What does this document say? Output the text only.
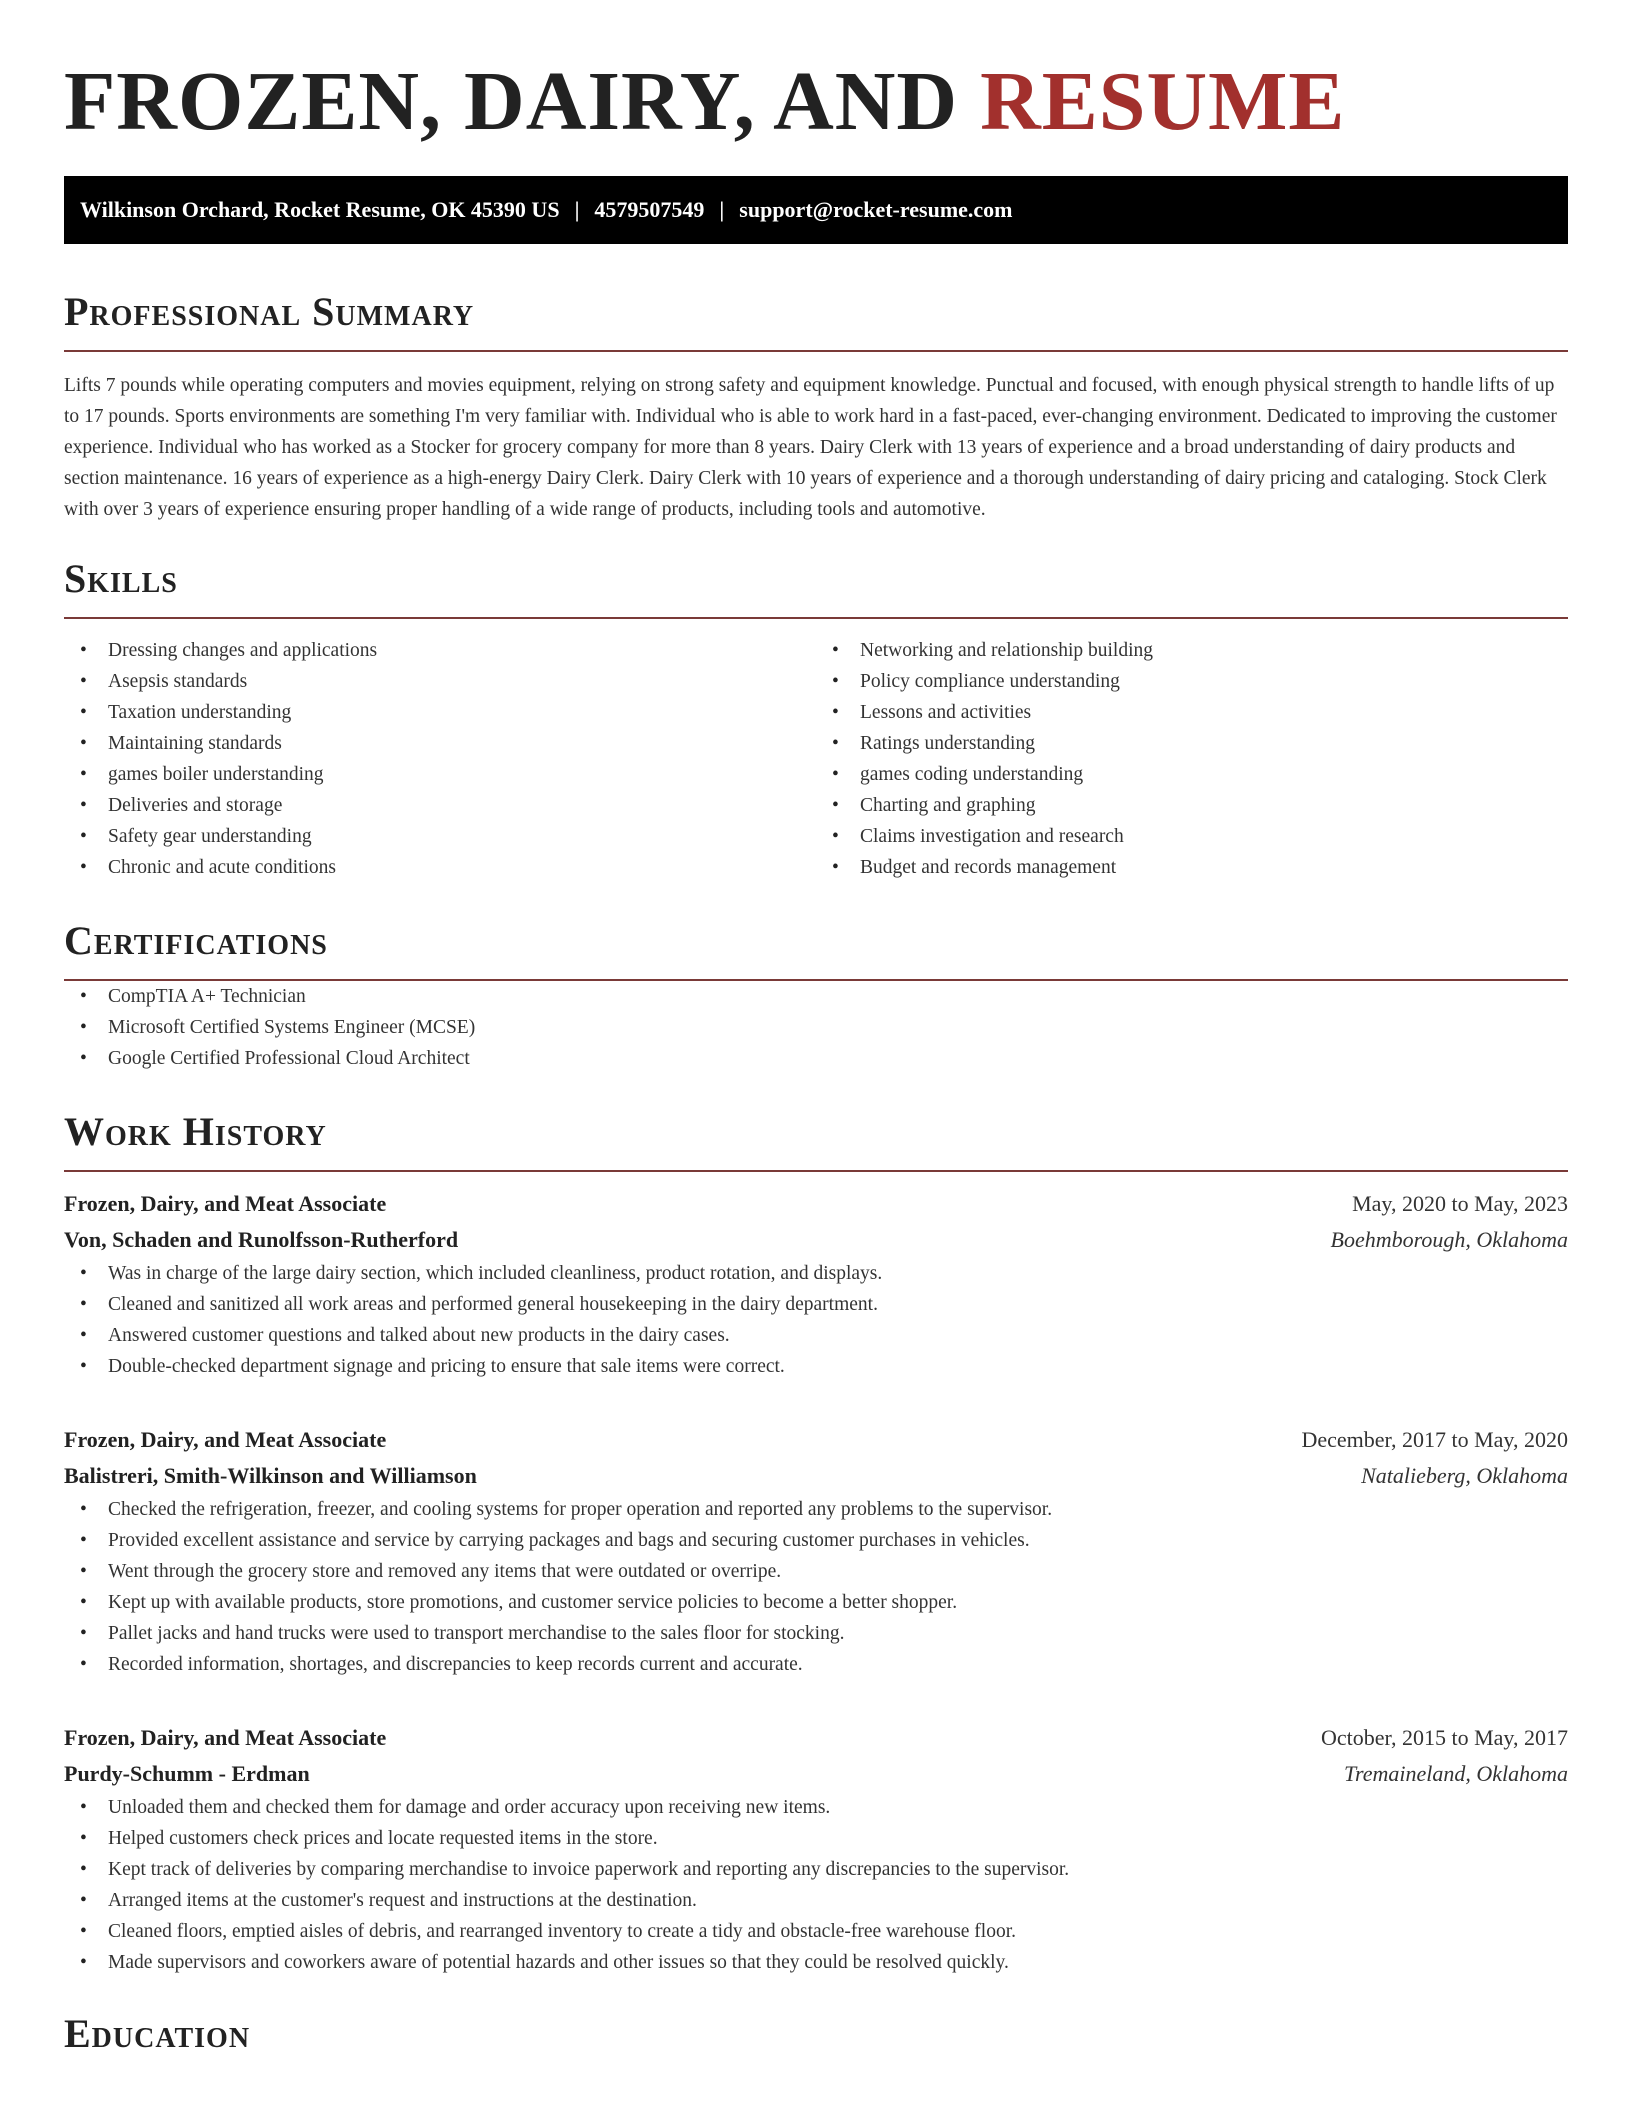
FROZEN, DAIRY, AND RESUME
Wilkinson Orchard, Rocket Resume, OK 45390 US | 4579507549 | support@rocket-resume.com
Professional Summary

Lifts 7 pounds while operating computers and movies equipment, relying on strong safety and equipment knowledge. Punctual and focused, with enough physical strength to handle lifts of up to 17 pounds. Sports environments are something I'm very familiar with. Individual who is able to work hard in a fast-paced, ever-changing environment. Dedicated to improving the customer experience. Individual who has worked as a Stocker for grocery company for more than 8 years. Dairy Clerk with 13 years of experience and a broad understanding of dairy products and section maintenance. 16 years of experience as a high-energy Dairy Clerk. Dairy Clerk with 10 years of experience and a thorough understanding of dairy pricing and cataloging. Stock Clerk with over 3 years of experience ensuring proper handling of a wide range of products, including tools and automotive.

Skills
• Dressing changes and applications
• Asepsis standards
• Taxation understanding
• Maintaining standards
• games boiler understanding
• Deliveries and storage
• Safety gear understanding
• Chronic and acute conditions
• Networking and relationship building
• Policy compliance understanding
• Lessons and activities
• Ratings understanding
• games coding understanding
• Charting and graphing
• Claims investigation and research
• Budget and records management
Certifications
• CompTIA A+ Technician
• Microsoft Certified Systems Engineer (MCSE)
• Google Certified Professional Cloud Architect
Work History
Frozen, Dairy, and Meat Associate	May, 2020 to May, 2023
Von, Schaden and Runolfsson-Rutherford	Boehmborough, Oklahoma
• Was in charge of the large dairy section, which included cleanliness, product rotation, and displays.
• Cleaned and sanitized all work areas and performed general housekeeping in the dairy department.
• Answered customer questions and talked about new products in the dairy cases.
• Double-checked department signage and pricing to ensure that sale items were correct.
Frozen, Dairy, and Meat Associate	December, 2017 to May, 2020
Balistreri, Smith-Wilkinson and Williamson	Natalieberg, Oklahoma
• Checked the refrigeration, freezer, and cooling systems for proper operation and reported any problems to the supervisor.
• Provided excellent assistance and service by carrying packages and bags and securing customer purchases in vehicles.
• Went through the grocery store and removed any items that were outdated or overripe.
• Kept up with available products, store promotions, and customer service policies to become a better shopper.
• Pallet jacks and hand trucks were used to transport merchandise to the sales floor for stocking.
• Recorded information, shortages, and discrepancies to keep records current and accurate.
Frozen, Dairy, and Meat Associate	October, 2015 to May, 2017
Purdy-Schumm - Erdman	Tremaineland, Oklahoma
• Unloaded them and checked them for damage and order accuracy upon receiving new items.
• Helped customers check prices and locate requested items in the store.
• Kept track of deliveries by comparing merchandise to invoice paperwork and reporting any discrepancies to the supervisor.
• Arranged items at the customer's request and instructions at the destination.
• Cleaned floors, emptied aisles of debris, and rearranged inventory to create a tidy and obstacle-free warehouse floor.
• Made supervisors and coworkers aware of potential hazards and other issues so that they could be resolved quickly.
Education
